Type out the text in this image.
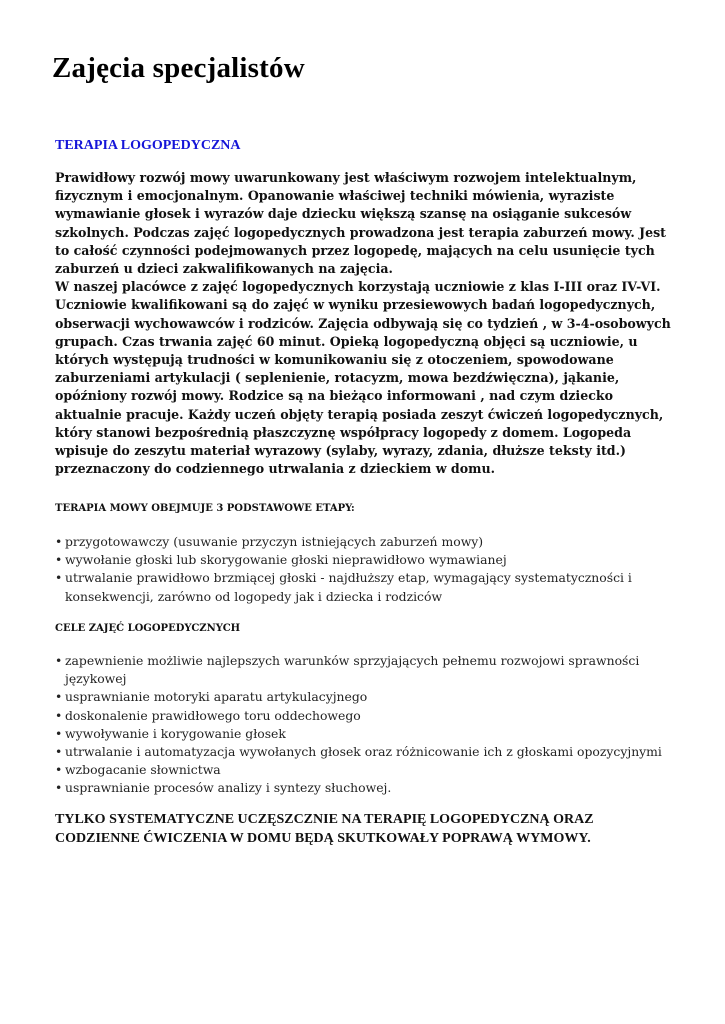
Zajęcia specjalistów
TERAPIA LOGOPEDYCZNA

Prawidłowy rozwój mowy uwarunkowany jest właściwym rozwojem intelektualnym, fizycznym i emocjonalnym. Opanowanie właściwej techniki mówienia, wyraziste wymawianie głosek i wyrazów daje dziecku większą szansę na osiąganie sukcesów szkolnych. Podczas zajęć logopedycznych prowadzona jest terapia zaburzeń mowy. Jest to całość czynności podejmowanych przez logopedę, mających na celu usunięcie tych zaburzeń u dzieci zakwalifikowanych na zajęcia.

W naszej placówce z zajęć logopedycznych korzystają uczniowie z klas I-III oraz IV-VI. Uczniowie kwalifikowani są do zajęć w wyniku przesiewowych badań logopedycznych, obserwacji wychowawców i rodziców. Zajęcia odbywają się co tydzień , w 3-4-osobowych grupach. Czas trwania zajęć 60 minut. Opieką logopedyczną objęci są uczniowie, u których występują trudności w komunikowaniu się z otoczeniem, spowodowane zaburzeniami artykulacji ( seplenienie, rotacyzm, mowa bezdźwięczna), jąkanie, opóźniony rozwój mowy. Rodzice są na bieżąco informowani , nad czym dziecko aktualnie pracuje. Każdy uczeń objęty terapią posiada zeszyt ćwiczeń logopedycznych, który stanowi bezpośrednią płaszczyznę współpracy logopedy z domem. Logopeda wpisuje do zeszytu materiał wyrazowy (sylaby, wyrazy, zdania, dłuższe teksty itd.) przeznaczony do codziennego utrwalania z dzieckiem w domu.

TERAPIA MOWY OBEJMUJE 3 PODSTAWOWE ETAPY:
• przygotowawczy (usuwanie przyczyn istniejących zaburzeń mowy)
• wywołanie głoski lub skorygowanie głoski nieprawidłowo wymawianej
• utrwalanie prawidłowo brzmiącej głoski - najdłuższy etap, wymagający systematyczności i konsekwencji, zarówno od logopedy jak i dziecka i rodziców
CELE ZAJĘĆ LOGOPEDYCZNYCH
• zapewnienie możliwie najlepszych warunków sprzyjających pełnemu rozwojowi sprawności językowej
• usprawnianie motoryki aparatu artykulacyjnego
• doskonalenie prawidłowego toru oddechowego
• wywoływanie i korygowanie głosek
• utrwalanie i automatyzacja wywołanych głosek oraz różnicowanie ich z głoskami opozycyjnymi
• wzbogacanie słownictwa
• usprawnianie procesów analizy i syntezy słuchowej.
TYLKO SYSTEMATYCZNE UCZĘSZCZNIE NA TERAPIĘ LOGOPEDYCZNĄ ORAZ CODZIENNE ĆWICZENIA W DOMU BĘDĄ SKUTKOWAŁY POPRAWĄ WYMOWY.
